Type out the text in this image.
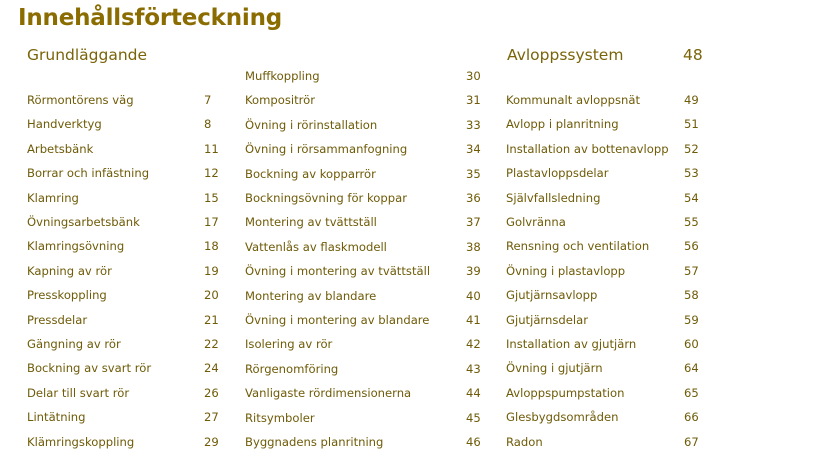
Innehållsförteckning
Grundläggande	Avloppssystem	48
Rörmontörens väg	7
Handverktyg	8
Arbetsbänk	11
Borrar och infästning	12
Klamring	15
Övningsarbetsbänk	17
Klamringsövning	18
Kapning av rör	19
Presskoppling	20
Pressdelar	21
Gängning av rör	22
Bockning av svart rör	24
Delar till svart rör	26
Lintätning	27
Klämringskoppling	29
Muffkoppling	30
Kompositrör	31
Övning i rörinstallation	33
Övning i rörsammanfogning	34
Bockning av kopparrör	35
Bockningsövning för koppar	36
Montering av tvättställ	37
Vattenlås av flaskmodell	38
Övning i montering av tvättställ	39
Montering av blandare	40
Övning i montering av blandare	41
Isolering av rör	42
Rörgenomföring	43
Vanligaste rördimensionerna	44
Ritsymboler	45
Byggnadens planritning	46
Kommunalt avloppsnät	49
Avlopp i planritning	51
Installation av bottenavlopp 52
Plastavloppsdelar	53
Självfallsledning	54
Golvränna	55
Rensning och ventilation	56
Övning i plastavlopp	57
Gjutjärnsavlopp	58
Gjutjärnsdelar	59
Installation av gjutjärn	60
Övning i gjutjärn	64
Avloppspumpstation	65
Glesbygdsområden	66
Radon	67
